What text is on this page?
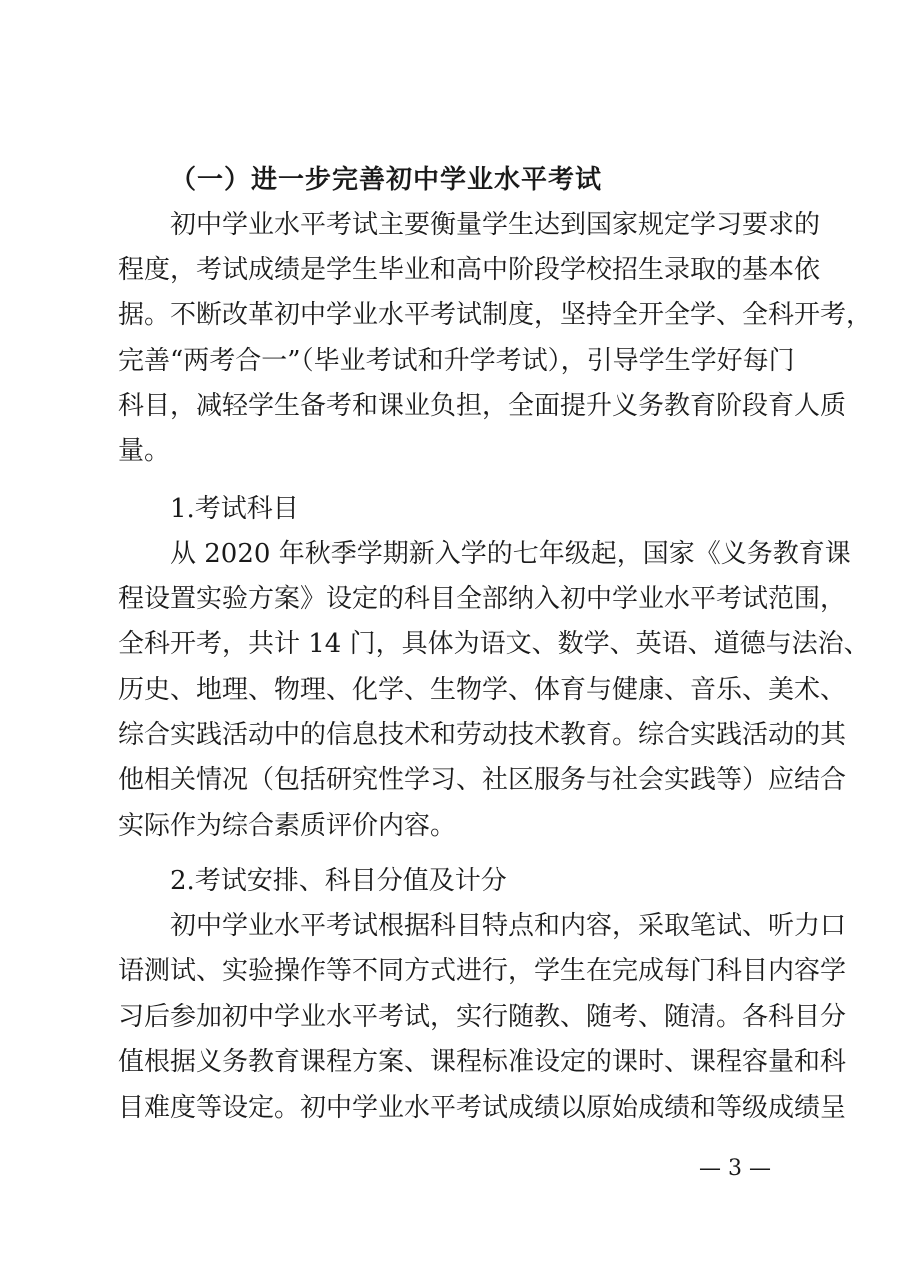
（一）进一步完善初中学业水平考试
初中学业水平考试主要衡量学生达到国家规定学习要求的
程度，考试成绩是学生毕业和高中阶段学校招生录取的基本依
据。不断改革初中学业水平考试制度，坚持全开全学、全科开考，
完善“两考合一”（毕业考试和升学考试），引导学生学好每门
科目，减轻学生备考和课业负担，全面提升义务教育阶段育人质
量。
1.考试科目
从 2020 年秋季学期新入学的七年级起，国家《义务教育课
程设置实验方案》设定的科目全部纳入初中学业水平考试范围，
全科开考，共计 14 门，具体为语文、数学、英语、道德与法治、
历史、地理、物理、化学、生物学、体育与健康、音乐、美术、
综合实践活动中的信息技术和劳动技术教育。综合实践活动的其
他相关情况（包括研究性学习、社区服务与社会实践等）应结合
实际作为综合素质评价内容。
2.考试安排、科目分值及计分
初中学业水平考试根据科目特点和内容，采取笔试、听力口
语测试、实验操作等不同方式进行，学生在完成每门科目内容学
习后参加初中学业水平考试，实行随教、随考、随清。各科目分
值根据义务教育课程方案、课程标准设定的课时、课程容量和科
目难度等设定。初中学业水平考试成绩以原始成绩和等级成绩呈
— 3 —
